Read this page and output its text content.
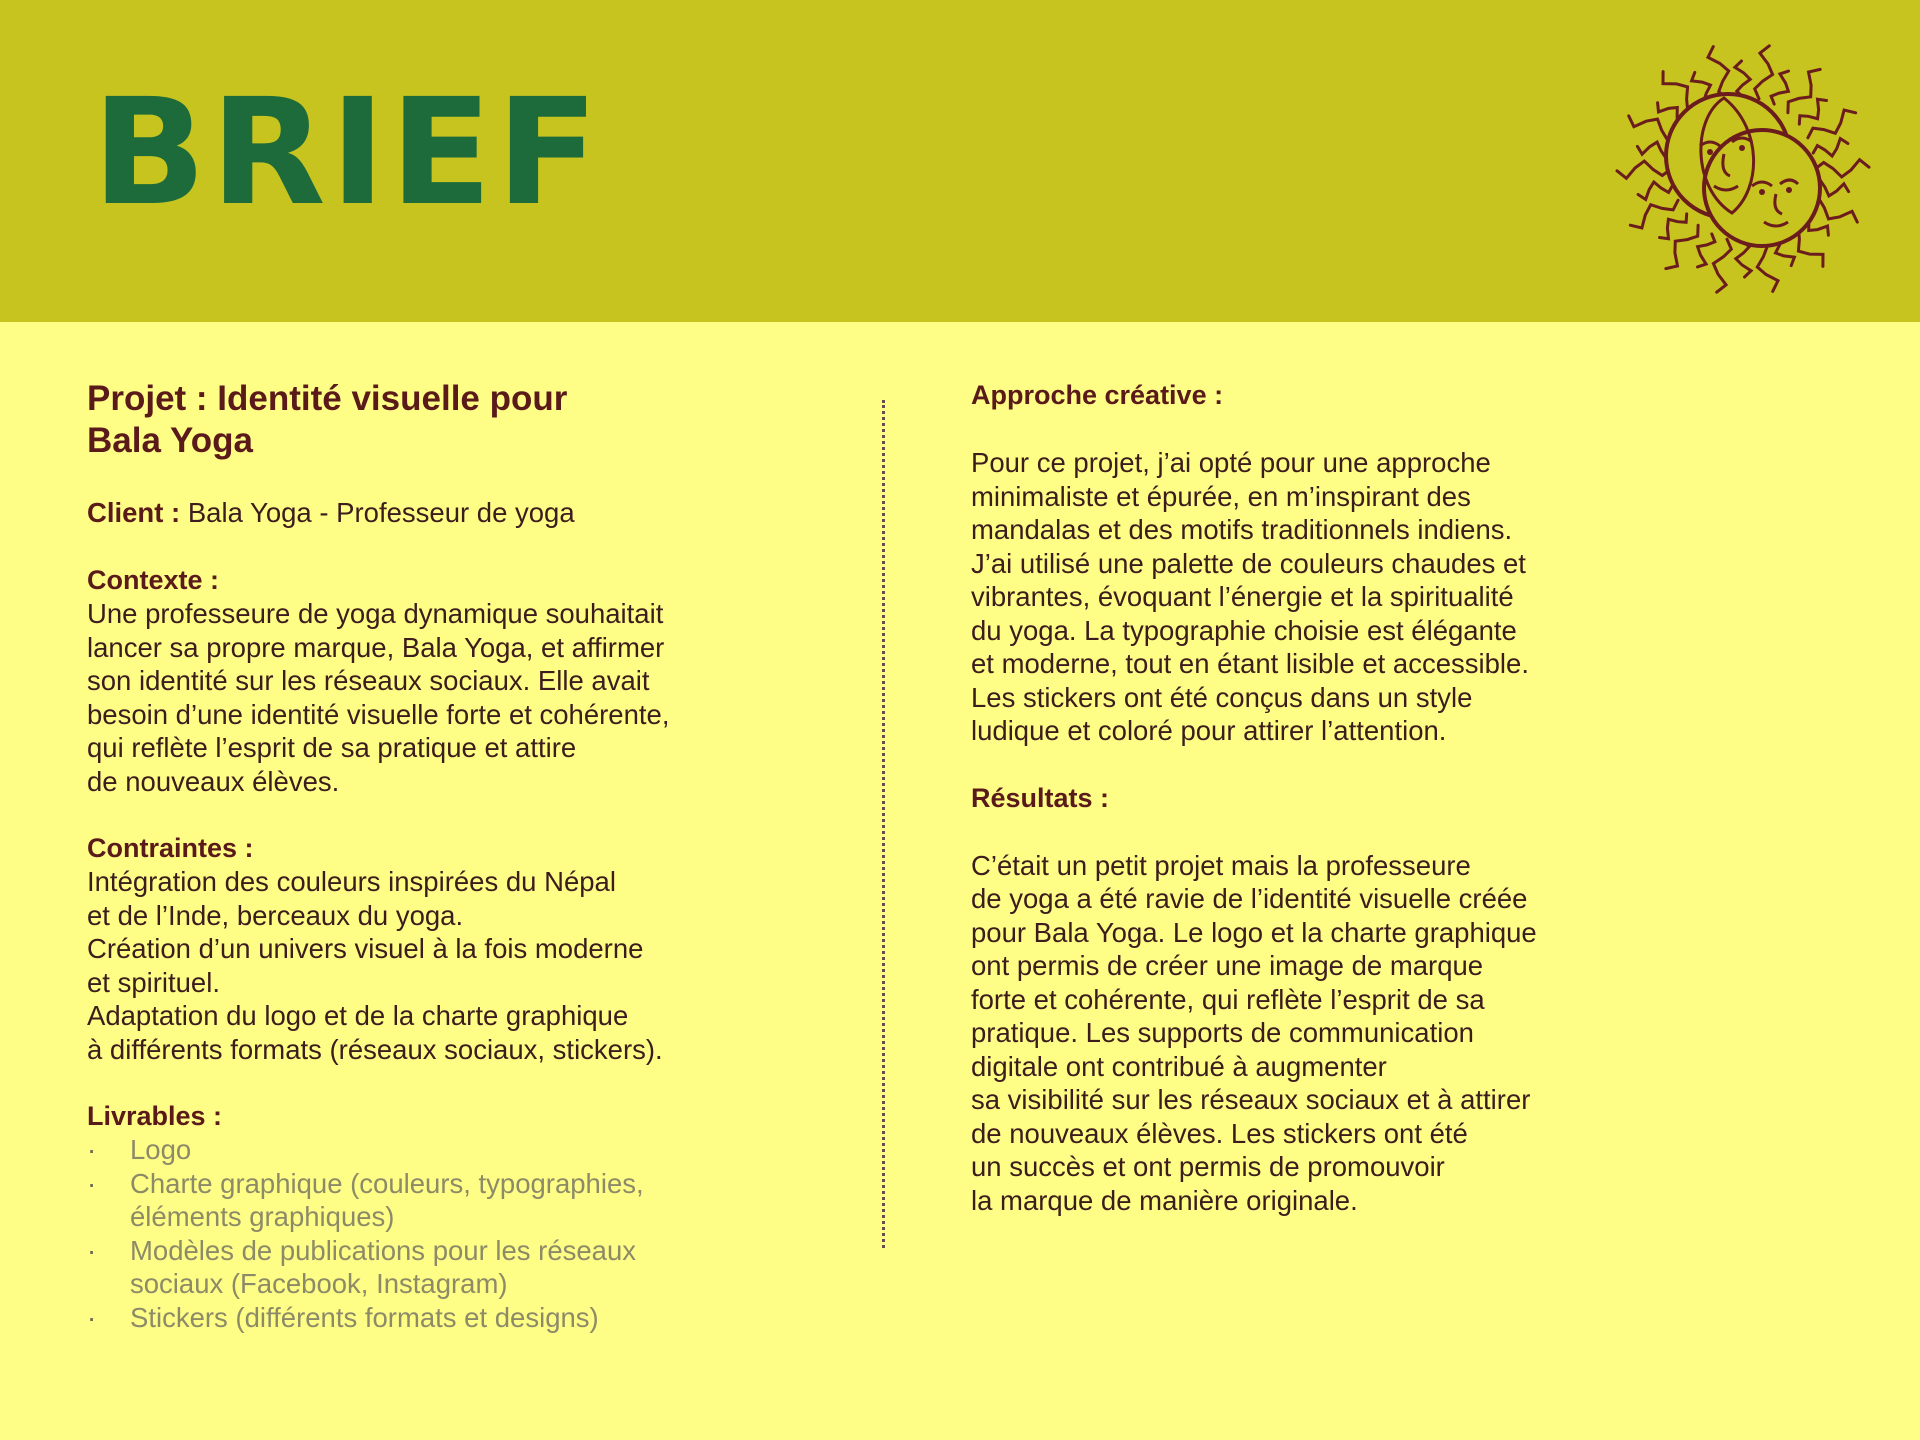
BRIEF
Projet : Identité visuelle pour
Bala Yoga

Client : Bala Yoga - Professeur de yoga

Contexte :

Une professeure de yoga dynamique souhaitait
lancer sa propre marque, Bala Yoga, et affirmer
son identité sur les réseaux sociaux. Elle avait
besoin d’une identité visuelle forte et cohérente,
qui reflète l’esprit de sa pratique et attire
de nouveaux élèves.

Contraintes :

Intégration des couleurs inspirées du Népal
et de l’Inde, berceaux du yoga.
Création d’un univers visuel à la fois moderne
et spirituel.
Adaptation du logo et de la charte graphique
à différents formats (réseaux sociaux, stickers).

Livrables :
· Logo
· Charte graphique (couleurs, typographies,
éléments graphiques)
· Modèles de publications pour les réseaux
sociaux (Facebook, Instagram)
· Stickers (différents formats et designs)
Approche créative :

Pour ce projet, j’ai opté pour une approche
minimaliste et épurée, en m’inspirant des
mandalas et des motifs traditionnels indiens.
J’ai utilisé une palette de couleurs chaudes et
vibrantes, évoquant l’énergie et la spiritualité
du yoga. La typographie choisie est élégante
et moderne, tout en étant lisible et accessible.
Les stickers ont été conçus dans un style
ludique et coloré pour attirer l’attention.

Résultats :

C’était un petit projet mais la professeure
de yoga a été ravie de l’identité visuelle créée
pour Bala Yoga. Le logo et la charte graphique
ont permis de créer une image de marque
forte et cohérente, qui reflète l’esprit de sa
pratique. Les supports de communication
digitale ont contribué à augmenter
sa visibilité sur les réseaux sociaux et à attirer
de nouveaux élèves. Les stickers ont été
un succès et ont permis de promouvoir
la marque de manière originale.
